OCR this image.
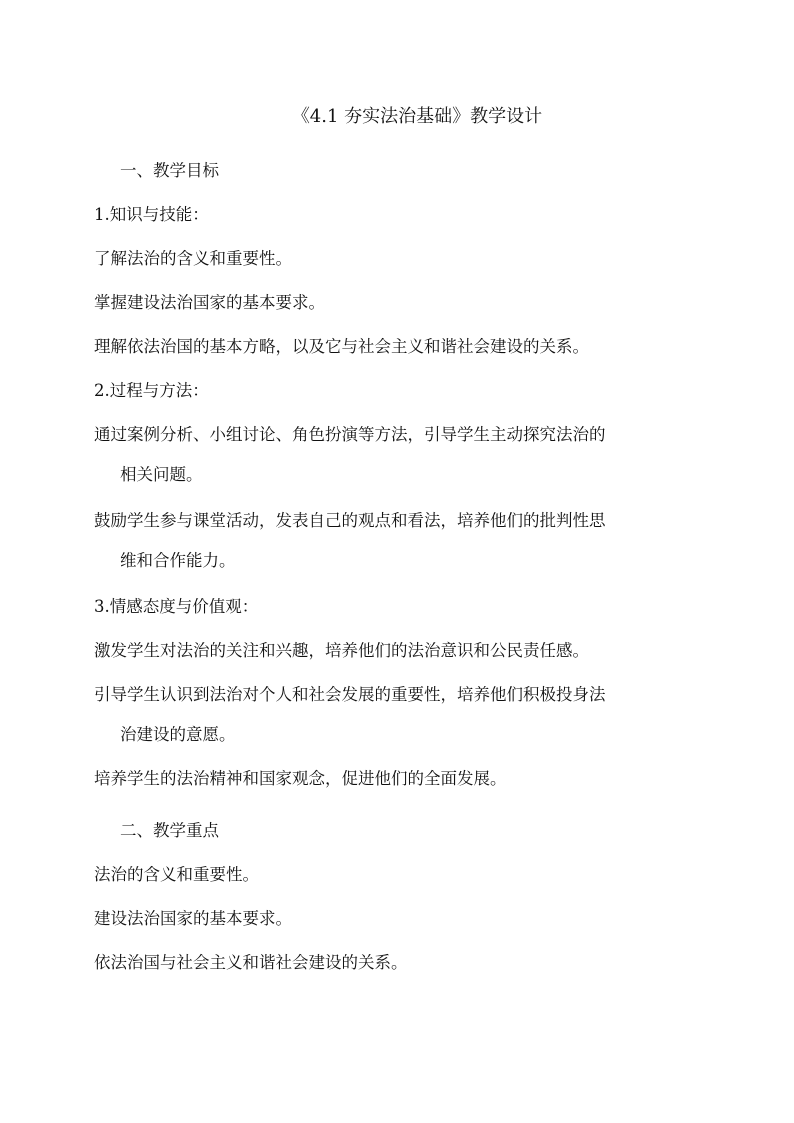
《4.1 夯实法治基础》教学设计

一、教学目标

1.知识与技能：

了解法治的含义和重要性。

掌握建设法治国家的基本要求。

理解依法治国的基本方略，以及它与社会主义和谐社会建设的关系。

2.过程与方法：

通过案例分析、小组讨论、角色扮演等方法，引导学生主动探究法治的

相关问题。

鼓励学生参与课堂活动，发表自己的观点和看法，培养他们的批判性思

维和合作能力。

3.情感态度与价值观：

激发学生对法治的关注和兴趣，培养他们的法治意识和公民责任感。

引导学生认识到法治对个人和社会发展的重要性，培养他们积极投身法

治建设的意愿。

培养学生的法治精神和国家观念，促进他们的全面发展。

二、教学重点

法治的含义和重要性。

建设法治国家的基本要求。

依法治国与社会主义和谐社会建设的关系。
